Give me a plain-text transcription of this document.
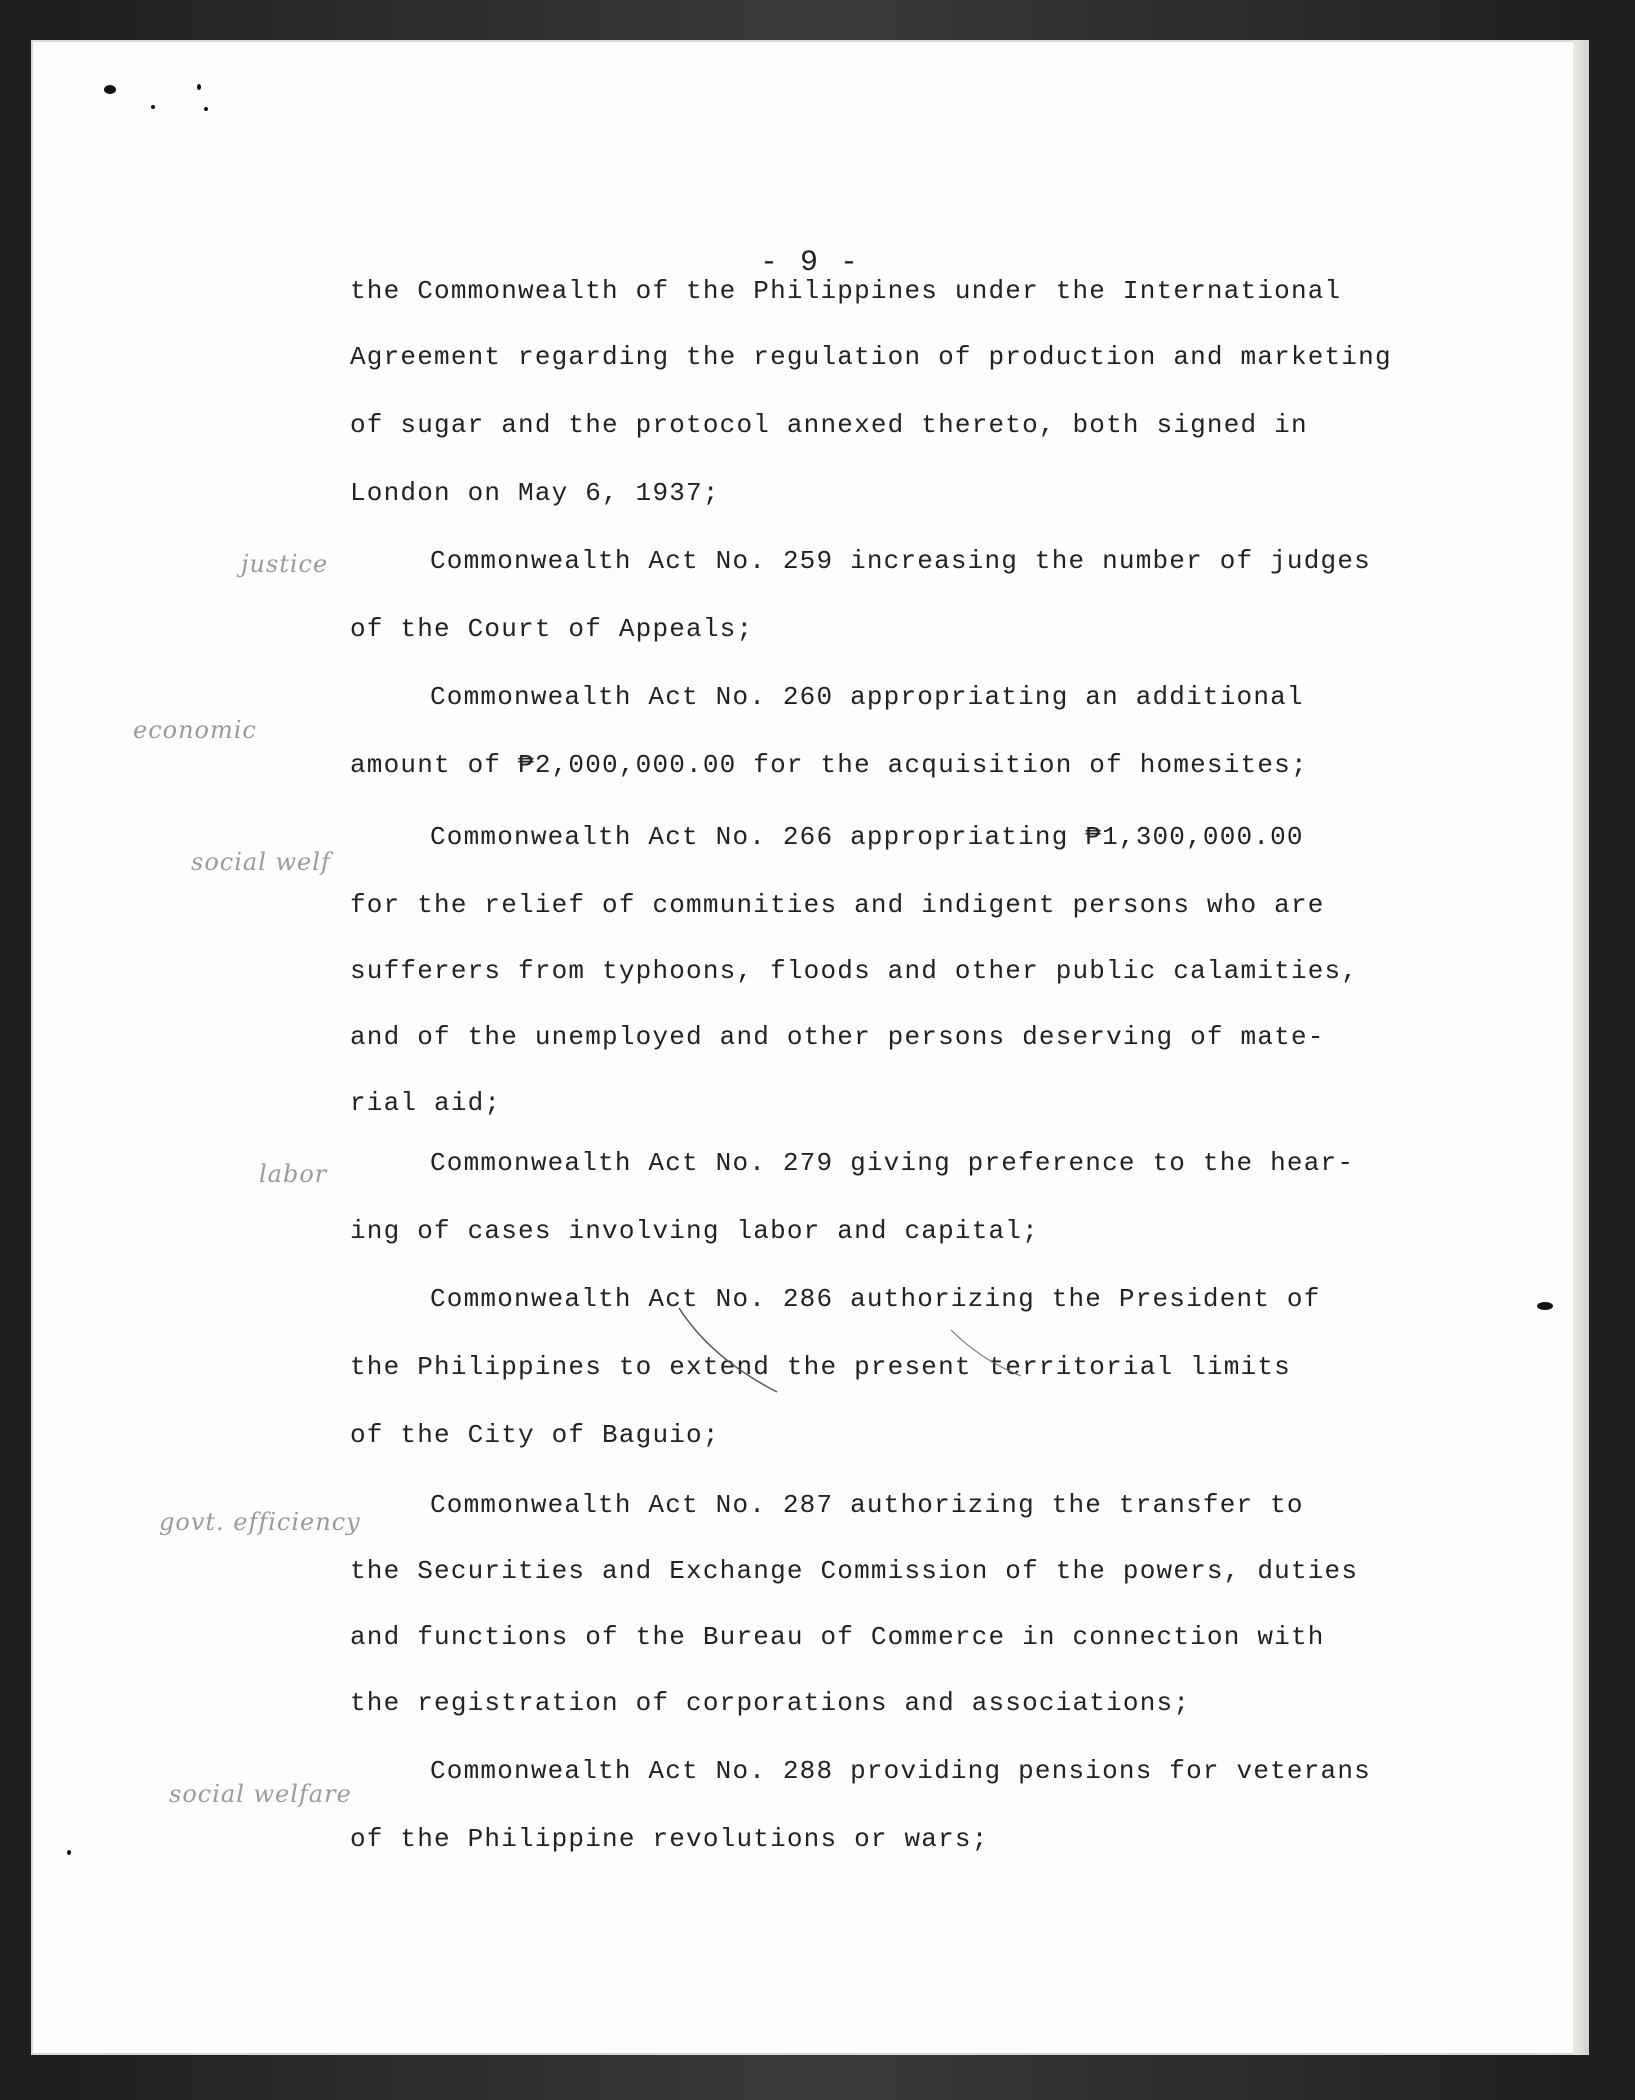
- 9 -
the Commonwealth of the Philippines under the International
Agreement regarding the regulation of production and marketing
of sugar and the protocol annexed thereto, both signed in
London on May 6, 1937;
justice	Commonwealth Act No. 259 increasing the number of judges
of the Court of Appeals;
economic
Commonwealth Act No. 260 appropriating an additional
amount of ₱2,000,000.00 for the acquisition of homesites;
social welf
Commonwealth Act No. 266 appropriating ₱1,300,000.00
for the relief of communities and indigent persons who are
sufferers from typhoons, floods and other public calamities,
and of the unemployed and other persons deserving of mate-
rial aid;
labor	Commonwealth Act No. 279 giving preference to the hear-
ing of cases involving labor and capital;
Commonwealth Act No. 286 authorizing the President of
the Philippines to extend the present territorial limits
of the City of Baguio;
govt. efficiency
Commonwealth Act No. 287 authorizing the transfer to
the Securities and Exchange Commission of the powers, duties
and functions of the Bureau of Commerce in connection with
the registration of corporations and associations;
social welfare
Commonwealth Act No. 288 providing pensions for veterans
of the Philippine revolutions or wars;
